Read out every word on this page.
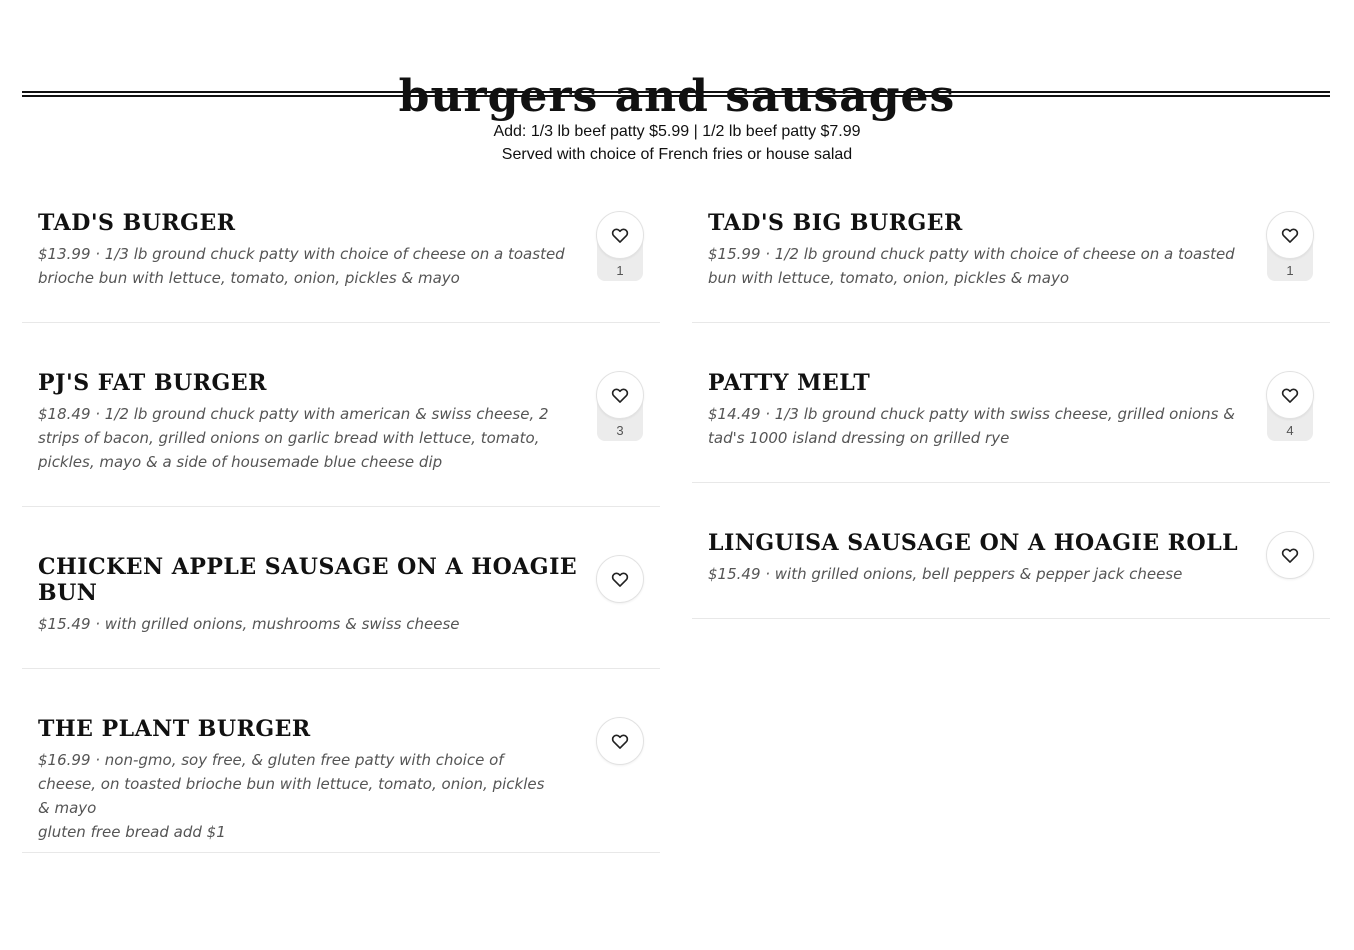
burgers and sausages
Add: 1/3 lb beef patty $5.99 | 1/2 lb beef patty $7.99
Served with choice of French fries or house salad
TAD'S BURGER
$13.99 · 1/3 lb ground chuck patty with choice of cheese on a toasted brioche bun with lettuce, tomato, onion, pickles & mayo	1
TAD'S BIG BURGER
$15.99 · 1/2 lb ground chuck patty with choice of cheese on a toasted bun with lettuce, tomato, onion, pickles & mayo	1
PJ'S FAT BURGER
$18.49 · 1/2 lb ground chuck patty with american & swiss cheese, 2 strips of bacon, grilled onions on garlic bread with lettuce, tomato, pickles, mayo & a side of housemade blue cheese dip
3
PATTY MELT
$14.49 · 1/3 lb ground chuck patty with swiss cheese, grilled onions & tad's 1000 island dressing on grilled rye	4
CHICKEN APPLE SAUSAGE ON A HOAGIE BUN
$15.49 · with grilled onions, mushrooms & swiss cheese
LINGUISA SAUSAGE ON A HOAGIE ROLL
$15.49 · with grilled onions, bell peppers & pepper jack cheese
THE PLANT BURGER
$16.99 · non-gmo, soy free, & gluten free patty with choice of cheese, on toasted brioche bun with lettuce, tomato, onion, pickles & mayo
gluten free bread add $1
